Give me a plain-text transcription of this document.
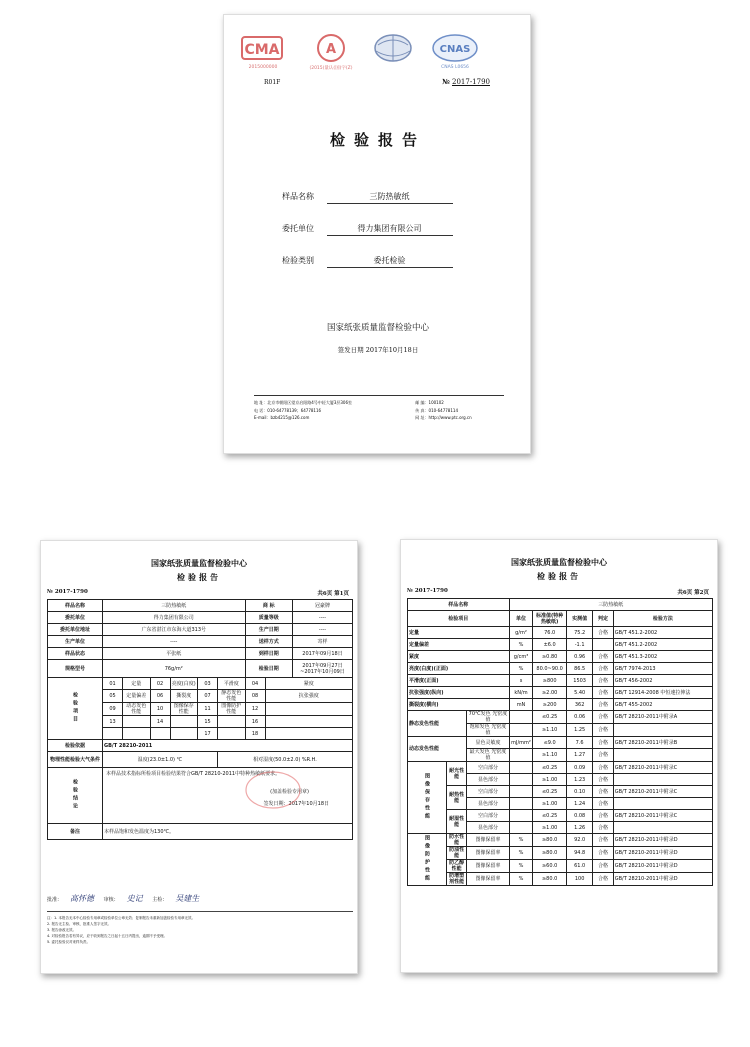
CMA
2015000000
A
(2015)量认(国)字(Z)
CNAS
CNAS L0656
R01F	№ 2017-1790
检验报告
样品名称	三防热敏纸
委托单位	得力集团有限公司
检验类别	委托检验
国家纸张质量监督检验中心
签发日期 2017年10月18日
地 址：北京市朝阳区望京启阳路4号中轻大厦3层306室
电 话：010-64778139；64778116
E-mail：bzb4215@126.com

邮 编：100102
传 真：010-64778114
网 址：http://www.ptc.org.cn
国家纸张质量监督检验中心
检验报告
№ 2017-1790	共6页 第1页
样品名称	三防热敏纸						商 标		冠豪牌
委托单位	得力集团有限公司						质量等级		----
委托单位地址	广东省湛江市东海大道313号						生产日期		----
生产单位	----						送样方式		寄样
样品状态	平张纸						到样日期		2017年09月18日
规格型号	76g/m²						检验日期		2017年09月27日~2017年10月09日
检验项目	01	定量	02	亮度(白度)	03	平滑度	04	紧度	
	05	定量偏差	06	撕裂度	07	静态发色性能	08	抗张强度	
	09	动态发色性能	10	图像保存性能	11	图像防护性能	12		
	13		14		15		16		
					17		18		
检验依据	GB/T 28210-2011								
物理性能检验大气条件	温度(23.0±1.0) ℃					相对湿度(50.0±2.0) %R.H.			
检验结论	本样品技术指标所检项目检验结果符合GB/T 28210-2011中特种热敏纸要求。
(加盖检验专用章)
签发日期：2017年10月18日								

备注	本样品饱和发色温度为130℃。								
批准： 高怀德 审核： 史记 主检： 吴建生
注：1. 本报告无本中心检验专用章或检验单位公章无效；复制报告未重新加盖检验专用章无效。
2. 报告无主检、审核、批准人签字无效。
3. 报告涂改无效。
4. 对检验报告若有异议，应于收到报告之日起十五日内提出，逾期不予受理。
5. 委托检验仅对来样负责。
国家纸张质量监督检验中心
检验报告
№ 2017-1790	共6页 第2页
样品名称			三防热敏纸				
检验项目			单位	标准值(特种热敏纸)	实测值	判定	检验方法
定量			g/m²	76.0	75.2	合格	GB/T 451.2-2002
定量偏差			%	±6.0	-1.1		GB/T 451.2-2002
紧度			g/cm³	≥0.80	0.96	合格	GB/T 451.3-2002
亮度(白度)(正面)			%	80.0~90.0	86.5	合格	GB/T 7974-2013
平滑度(正面)			s	≥800	1503	合格	GB/T 456-2002
抗张强度(纵向)			kN/m	≥2.00	5.40	合格	GB/T 12914-2008 中恒速拉伸法
撕裂度(横向)			mN	≥200	362	合格	GB/T 455-2002
静态发色性能		70℃发色 光密度值		≤0.25	0.06	合格	GB/T 28210-2011中附录A
		饱和发色 光密度值		≥1.10	1.25	合格	
动态发色性能		显色灵敏度	mJ/mm²	≤9.0	7.6	合格	GB/T 28210-2011中附录B
		最大发色 光密度值		≥1.10	1.27	合格	
图像保存性能	耐光性能	空白部分		≤0.25	0.09	合格	GB/T 28210-2011中附录C
		显色部分		≥1.00	1.23	合格	
	耐热性能	空白部分		≤0.25	0.10	合格	GB/T 28210-2011中附录C
		显色部分		≥1.00	1.24	合格	
	耐湿性能	空白部分		≤0.25	0.08	合格	GB/T 28210-2011中附录C
		显色部分		≥1.00	1.26	合格	
图像防护性能	防水性能	图像保留率	%	≥80.0	92.0	合格	GB/T 28210-2011中附录D
	防油性能	图像保留率	%	≥80.0	94.8	合格	GB/T 28210-2011中附录D
	防乙醇性能	图像保留率	%	≥60.0	61.0	合格	GB/T 28210-2011中附录D
	防增塑剂性能	图像保留率	%	≥80.0	100	合格	GB/T 28210-2011中附录D
